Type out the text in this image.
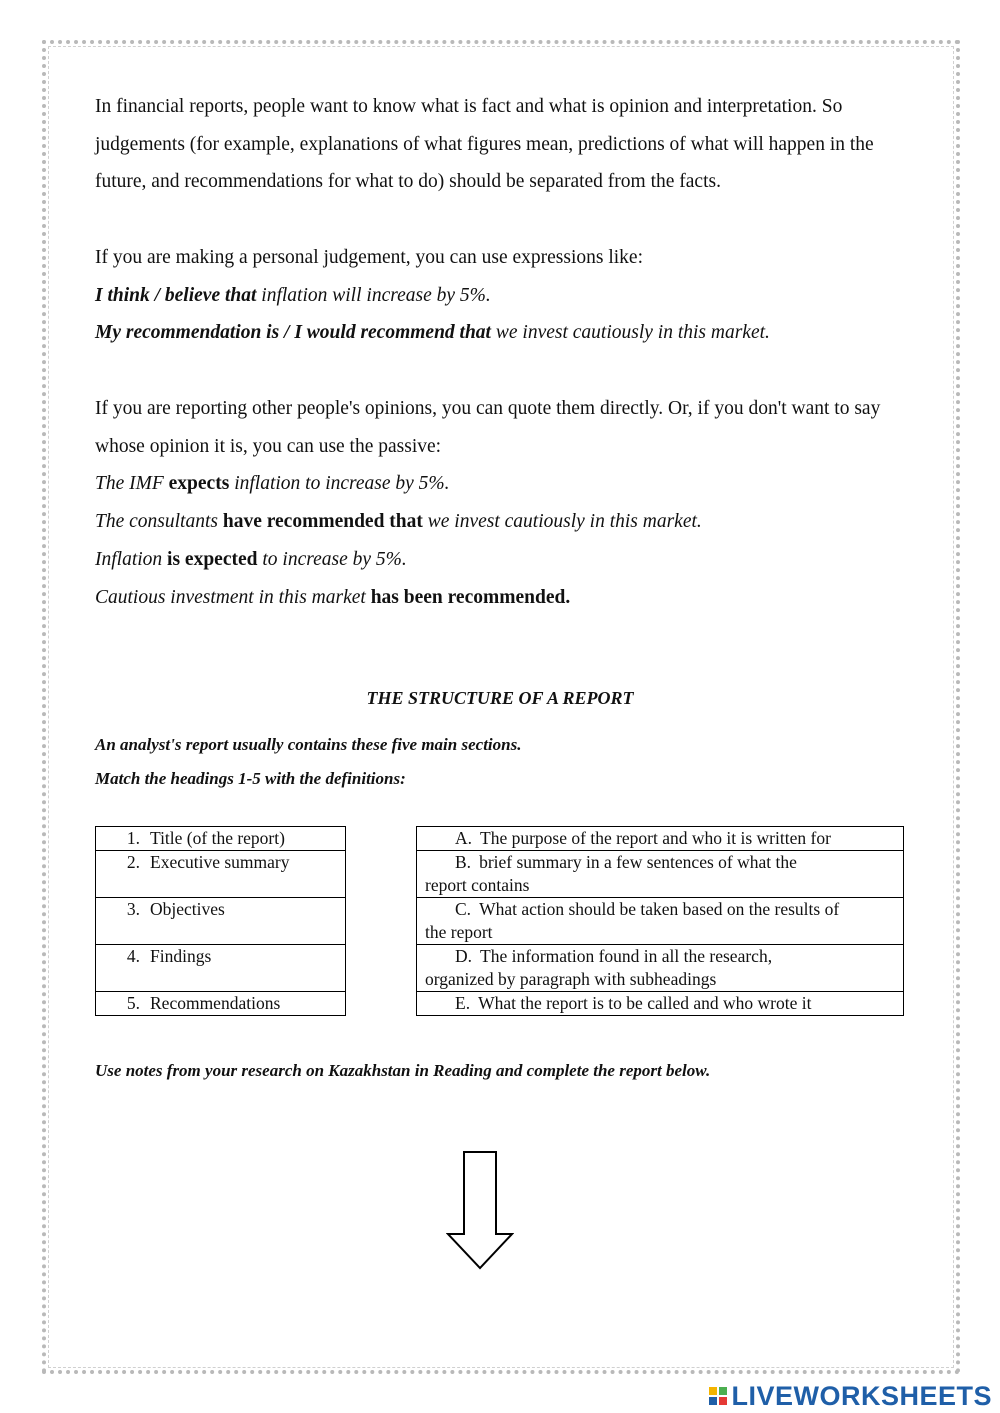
In financial reports, people want to know what is fact and what is opinion and interpretation. So judgements (for example, explanations of what figures mean, predictions of what will happen in the future, and recommendations for what to do) should be separated from the facts.

If you are making a personal judgement, you can use expressions like:

I think / believe that inflation will increase by 5%.

My recommendation is / I would recommend that we invest cautiously in this market.

If you are reporting other people's opinions, you can quote them directly. Or, if you don't want to say whose opinion it is, you can use the passive:

The IMF expects inflation to increase by 5%.

The consultants have recommended that we invest cautiously in this market.

Inflation is expected to increase by 5%.

Cautious investment in this market has been recommended.

THE STRUCTURE OF A REPORT
An analyst's report usually contains these five main sections.
Match the headings 1-5 with the definitions:
1. Title (of the report)
2. Executive summary
3. Objectives
4. Findings
5. Recommendations
A. The purpose of the report and who it is written for
B. brief summary in a few sentences of what the
report contains
C. What action should be taken based on the results of
the report
D. The information found in all the research,
organized by paragraph with subheadings
E. What the report is to be called and who wrote it
Use notes from your research on Kazakhstan in Reading and complete the report below.
LIVEWORKSHEETS
